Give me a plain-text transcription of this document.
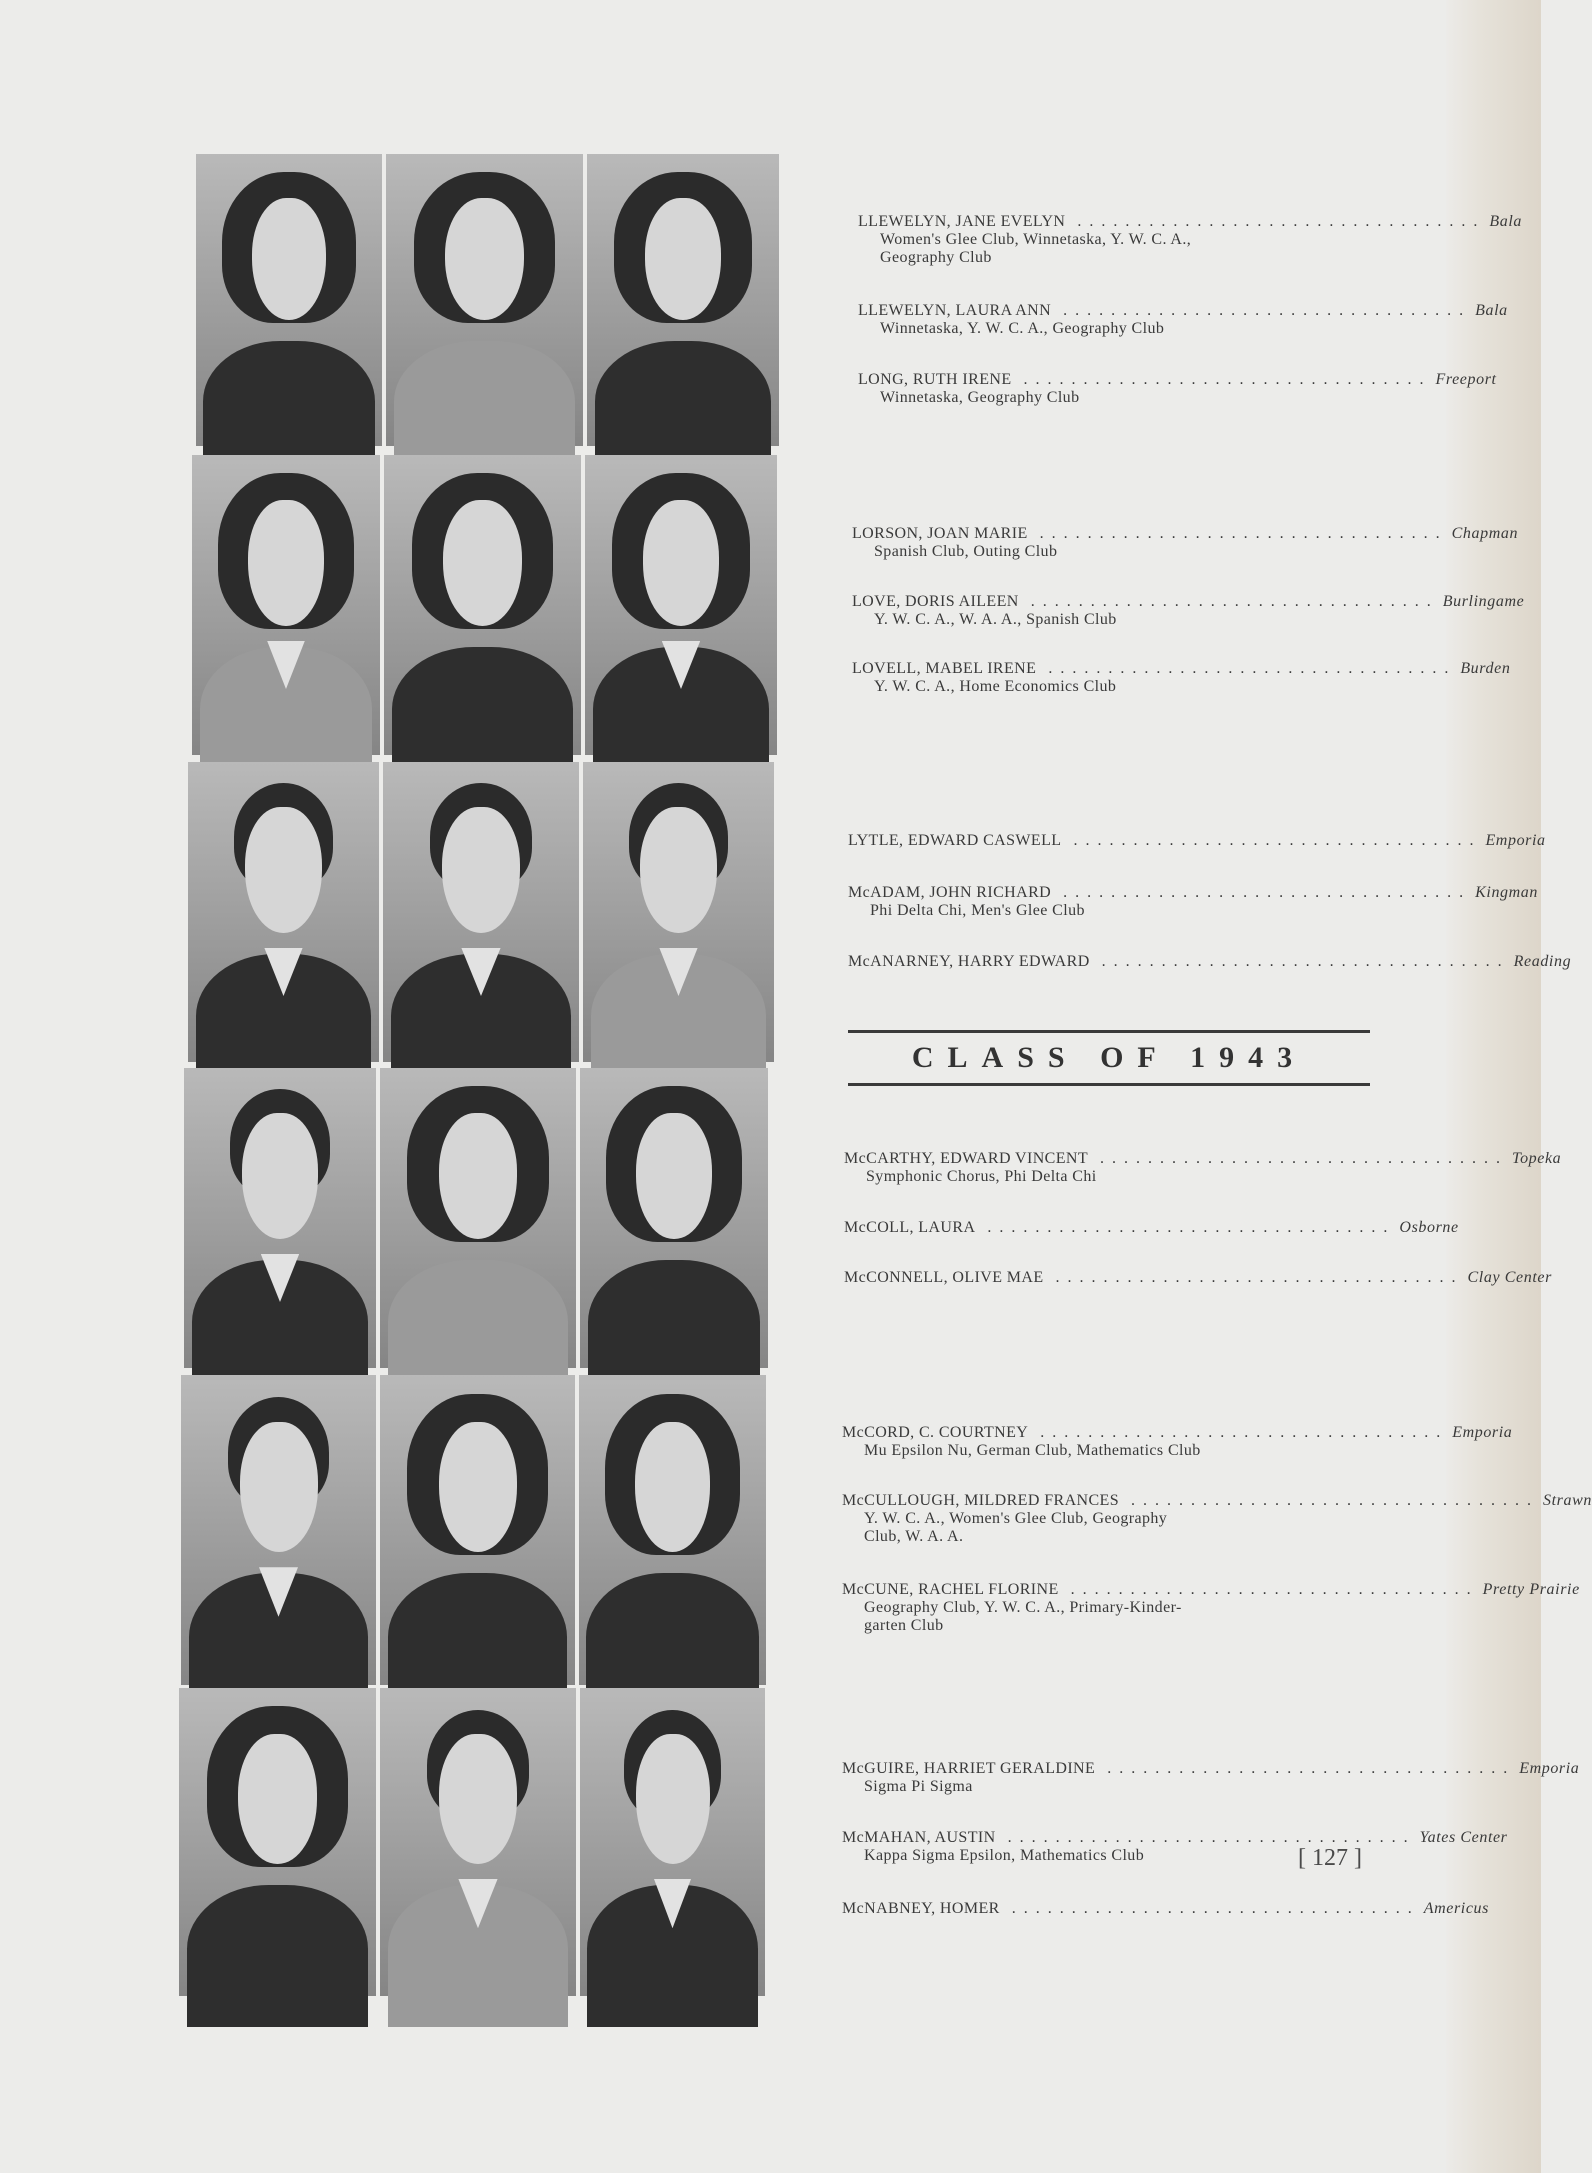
LLEWELYN, JANE EVELYN .................................. Bala
Women's Glee Club, Winnetaska, Y. W. C. A.,
Geography Club
LLEWELYN, LAURA ANN .................................. Bala
Winnetaska, Y. W. C. A., Geography Club
LONG, RUTH IRENE .................................. Freeport
Winnetaska, Geography Club
LORSON, JOAN MARIE .................................. Chapman
Spanish Club, Outing Club
LOVE, DORIS AILEEN .................................. Burlingame
Y. W. C. A., W. A. A., Spanish Club
LOVELL, MABEL IRENE .................................. Burden
Y. W. C. A., Home Economics Club
LYTLE, EDWARD CASWELL .................................. Emporia
McADAM, JOHN RICHARD .................................. Kingman
Phi Delta Chi, Men's Glee Club
McANARNEY, HARRY EDWARD .................................. Reading
CLASS OF 1943
McCARTHY, EDWARD VINCENT .................................. Topeka
Symphonic Chorus, Phi Delta Chi
McCOLL, LAURA .................................. Osborne
McCONNELL, OLIVE MAE .................................. Clay Center
McCORD, C. COURTNEY .................................. Emporia
Mu Epsilon Nu, German Club, Mathematics Club
McCULLOUGH, MILDRED FRANCES .................................. Strawn
Y. W. C. A., Women's Glee Club, Geography
Club, W. A. A.
McCUNE, RACHEL FLORINE .................................. Pretty Prairie
Geography Club, Y. W. C. A., Primary-Kinder-
garten Club
McGUIRE, HARRIET GERALDINE .................................. Emporia
Sigma Pi Sigma
McMAHAN, AUSTIN .................................. Yates Center
Kappa Sigma Epsilon, Mathematics Club
McNABNEY, HOMER .................................. Americus
[ 127 ]
